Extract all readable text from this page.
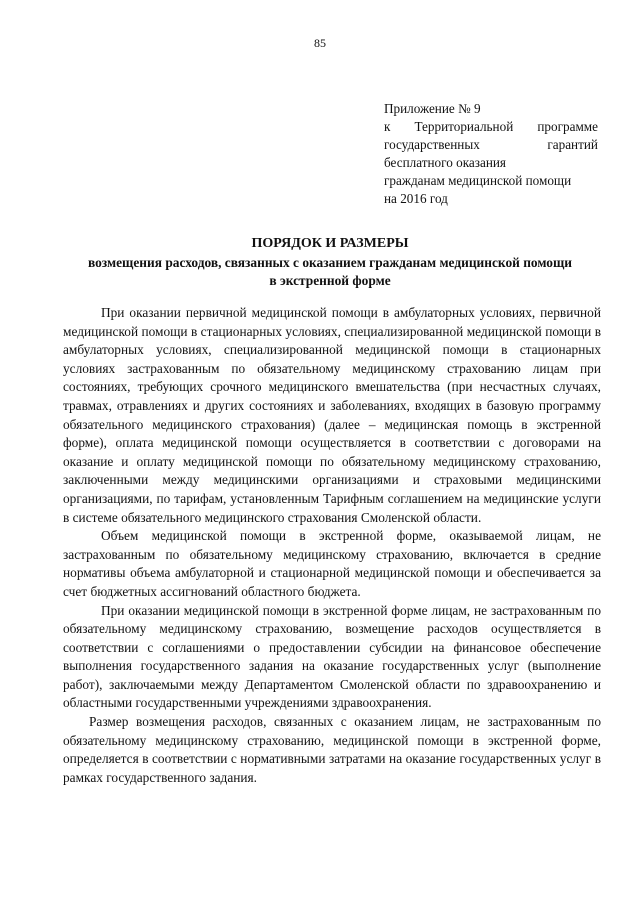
85
Приложение № 9
к Территориальной программе
государственных	гарантий
бесплатного оказания
гражданам медицинской помощи
на 2016 год
ПОРЯДОК И РАЗМЕРЫ
возмещения расходов, связанных с оказанием гражданам медицинской помощи
в экстренной форме

При оказании первичной медицинской помощи в амбулаторных условиях, первичной медицинской помощи в стационарных условиях, специализированной медицинской помощи в амбулаторных условиях, специализированной медицинской помощи в стационарных условиях застрахованным по обязательному медицинскому страхованию лицам при состояниях, требующих срочного медицинского вмешательства (при несчастных случаях, травмах, отравлениях и других состояниях и заболеваниях, входящих в базовую программу обязательного медицинского страхования) (далее – медицинская помощь в экстренной форме), оплата медицинской помощи осуществляется в соответствии с договорами на оказание и оплату медицинской помощи по обязательному медицинскому страхованию, заключенными между медицинскими организациями и страховыми медицинскими организациями, по тарифам, установленным Тарифным соглашением на медицинские услуги в системе обязательного медицинского страхования Смоленской области.

Объем медицинской помощи в экстренной форме, оказываемой лицам, не застрахованным по обязательному медицинскому страхованию, включается в средние нормативы объема амбулаторной и стационарной медицинской помощи и обеспечивается за счет бюджетных ассигнований областного бюджета.

При оказании медицинской помощи в экстренной форме лицам, не застрахованным по обязательному медицинскому страхованию, возмещение расходов осуществляется в соответствии с соглашениями о предоставлении субсидии на финансовое обеспечение выполнения государственного задания на оказание государственных услуг (выполнение работ), заключаемыми между Департаментом Смоленской области по здравоохранению и областными государственными учреждениями здравоохранения.

Размер возмещения расходов, связанных с оказанием лицам, не застрахованным по обязательному медицинскому страхованию, медицинской помощи в экстренной форме, определяется в соответствии с нормативными затратами на оказание государственных услуг в рамках государственного задания.
